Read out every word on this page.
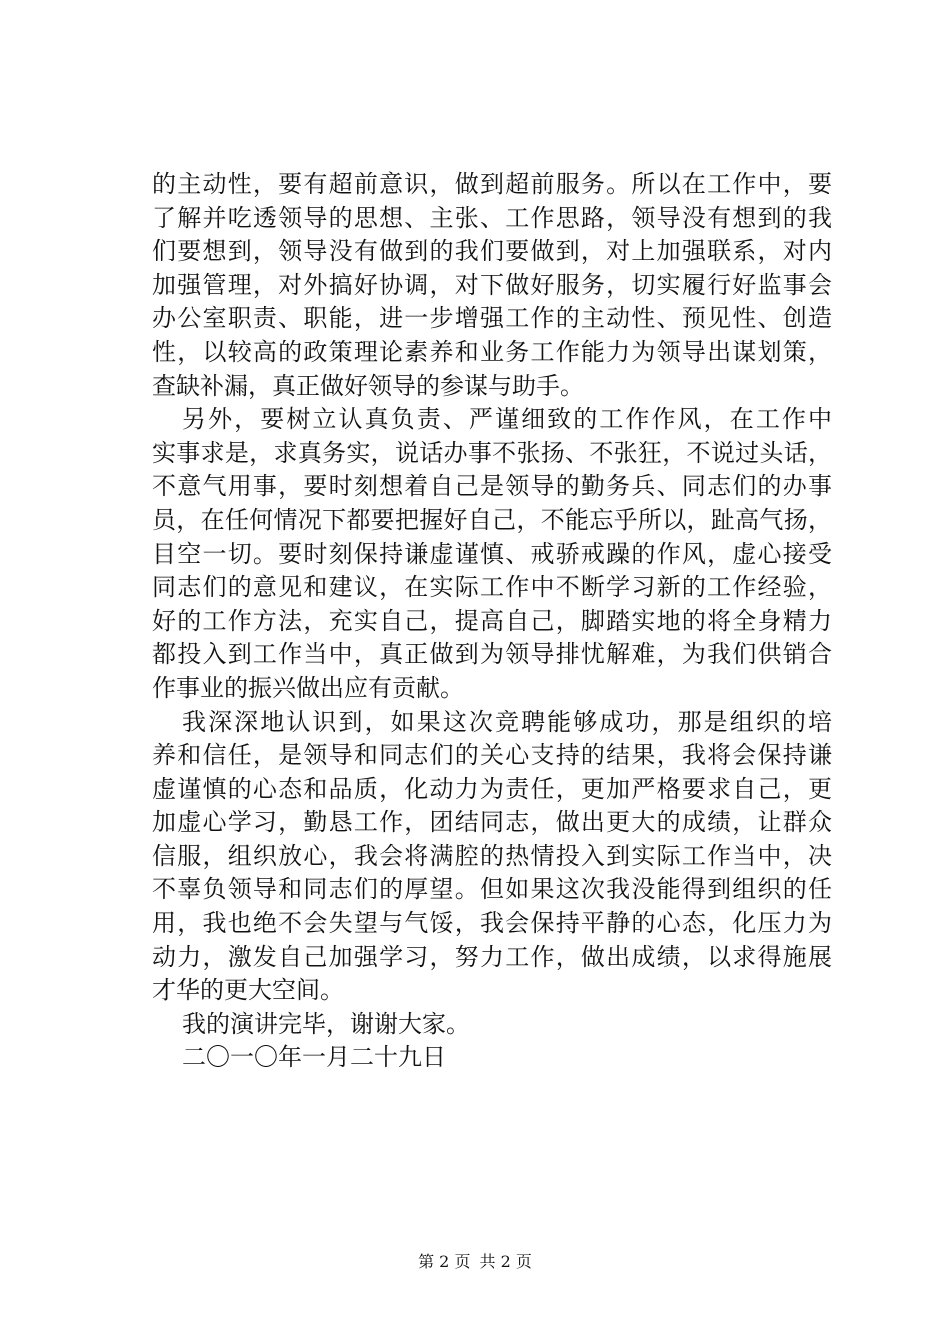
的主动性，要有超前意识，做到超前服务。所以在工作中，要
了解并吃透领导的思想、主张、工作思路，领导没有想到的我
们要想到，领导没有做到的我们要做到，对上加强联系，对内
加强管理，对外搞好协调，对下做好服务，切实履行好监事会
办公室职责、职能，进一步增强工作的主动性、预见性、创造
性，以较高的政策理论素养和业务工作能力为领导出谋划策，
查缺补漏，真正做好领导的参谋与助手。
另外，要树立认真负责、严谨细致的工作作风，在工作中
实事求是，求真务实，说话办事不张扬、不张狂，不说过头话，
不意气用事，要时刻想着自己是领导的勤务兵、同志们的办事
员，在任何情况下都要把握好自己，不能忘乎所以，趾高气扬，
目空一切。要时刻保持谦虚谨慎、戒骄戒躁的作风，虚心接受
同志们的意见和建议，在实际工作中不断学习新的工作经验，
好的工作方法，充实自己，提高自己，脚踏实地的将全身精力
都投入到工作当中，真正做到为领导排忧解难，为我们供销合
作事业的振兴做出应有贡献。
我深深地认识到，如果这次竞聘能够成功，那是组织的培
养和信任，是领导和同志们的关心支持的结果，我将会保持谦
虚谨慎的心态和品质，化动力为责任，更加严格要求自己，更
加虚心学习，勤恳工作，团结同志，做出更大的成绩，让群众
信服，组织放心，我会将满腔的热情投入到实际工作当中，决
不辜负领导和同志们的厚望。但如果这次我没能得到组织的任
用，我也绝不会失望与气馁，我会保持平静的心态，化压力为
动力，激发自己加强学习，努力工作，做出成绩，以求得施展
才华的更大空间。
我的演讲完毕，谢谢大家。
二〇一〇年一月二十九日
第 2 页 共 2 页
